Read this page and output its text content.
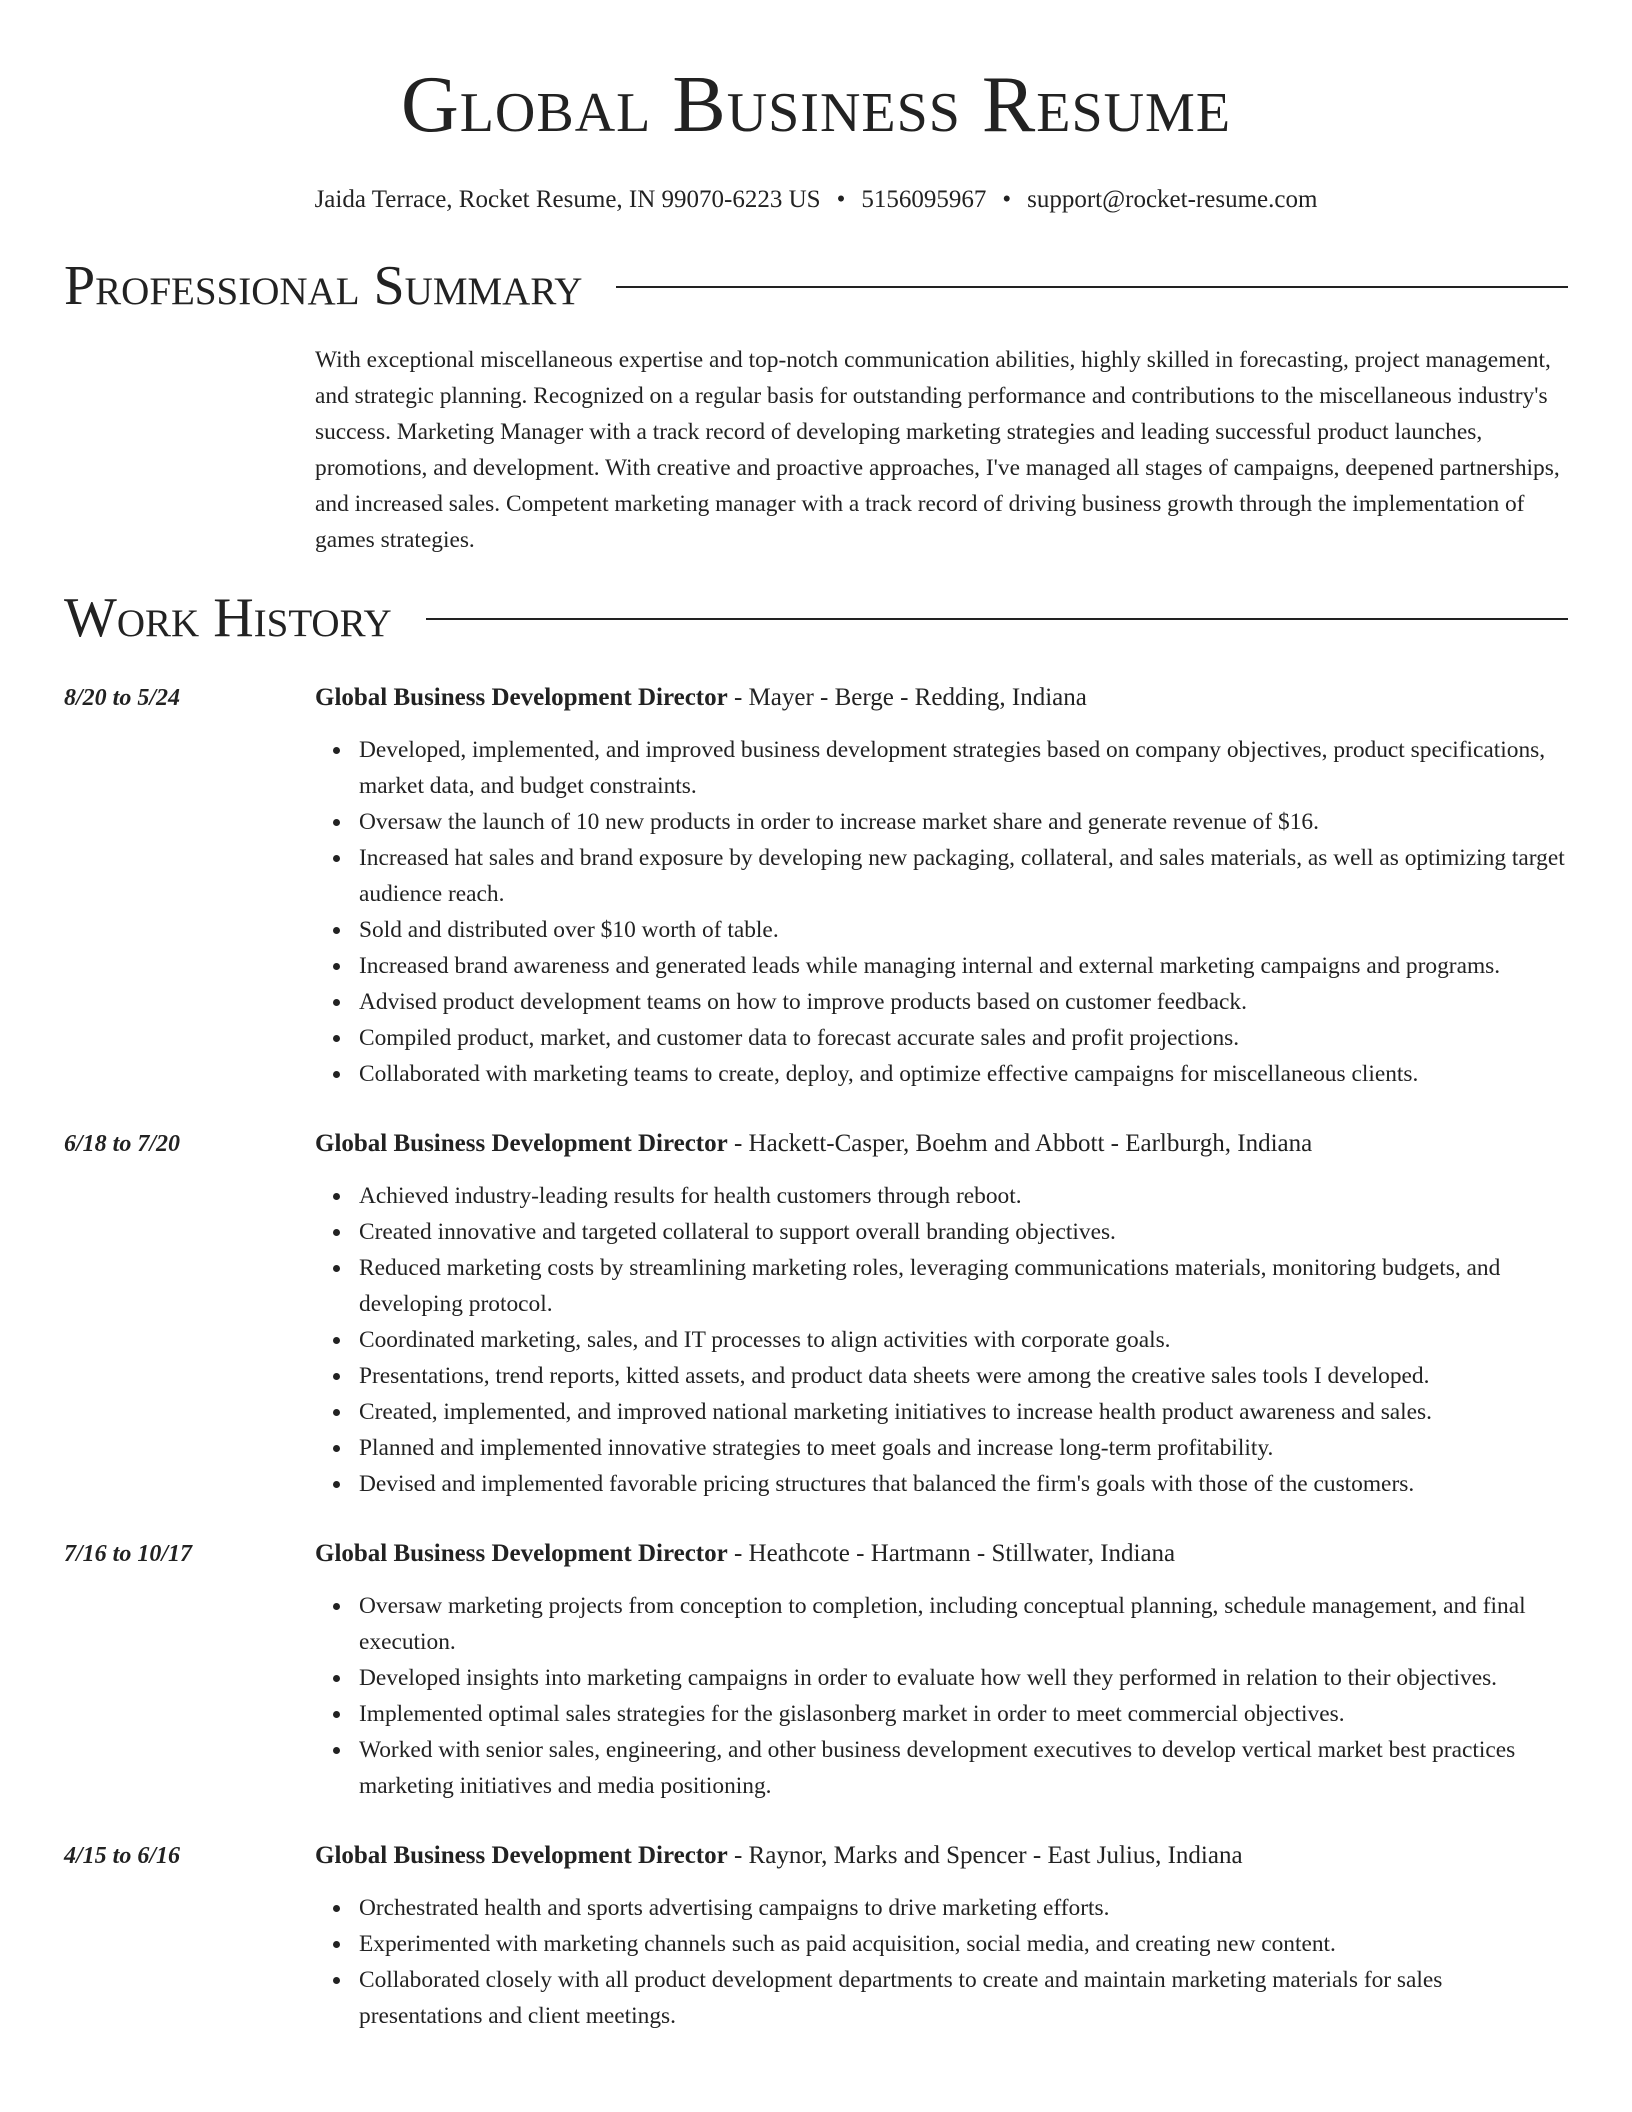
Global Business Resume
Jaida Terrace, Rocket Resume, IN 99070-6223 US • 5156095967 • support@rocket-resume.com
Professional Summary
With exceptional miscellaneous expertise and top-notch communication abilities, highly skilled in forecasting, project management, and strategic planning. Recognized on a regular basis for outstanding performance and contributions to the miscellaneous industry's success. Marketing Manager with a track record of developing marketing strategies and leading successful product launches, promotions, and development. With creative and proactive approaches, I've managed all stages of campaigns, deepened partnerships, and increased sales. Competent marketing manager with a track record of driving business growth through the implementation of games strategies.
Work History
8/20 to 5/24	Global Business Development Director - Mayer - Berge - Redding, Indiana
Developed, implemented, and improved business development strategies based on company objectives, product specifications, market data, and budget constraints.
Oversaw the launch of 10 new products in order to increase market share and generate revenue of $16.
Increased hat sales and brand exposure by developing new packaging, collateral, and sales materials, as well as optimizing target audience reach.
Sold and distributed over $10 worth of table.
Increased brand awareness and generated leads while managing internal and external marketing campaigns and programs.
Advised product development teams on how to improve products based on customer feedback.
Compiled product, market, and customer data to forecast accurate sales and profit projections.
Collaborated with marketing teams to create, deploy, and optimize effective campaigns for miscellaneous clients.
6/18 to 7/20	Global Business Development Director - Hackett-Casper, Boehm and Abbott - Earlburgh, Indiana
Achieved industry-leading results for health customers through reboot.
Created innovative and targeted collateral to support overall branding objectives.
Reduced marketing costs by streamlining marketing roles, leveraging communications materials, monitoring budgets, and developing protocol.
Coordinated marketing, sales, and IT processes to align activities with corporate goals.
Presentations, trend reports, kitted assets, and product data sheets were among the creative sales tools I developed.
Created, implemented, and improved national marketing initiatives to increase health product awareness and sales.
Planned and implemented innovative strategies to meet goals and increase long-term profitability.
Devised and implemented favorable pricing structures that balanced the firm's goals with those of the customers.
7/16 to 10/17	Global Business Development Director - Heathcote - Hartmann - Stillwater, Indiana
Oversaw marketing projects from conception to completion, including conceptual planning, schedule management, and final execution.
Developed insights into marketing campaigns in order to evaluate how well they performed in relation to their objectives.
Implemented optimal sales strategies for the gislasonberg market in order to meet commercial objectives.
Worked with senior sales, engineering, and other business development executives to develop vertical market best practices marketing initiatives and media positioning.
4/15 to 6/16	Global Business Development Director - Raynor, Marks and Spencer - East Julius, Indiana
Orchestrated health and sports advertising campaigns to drive marketing efforts.
Experimented with marketing channels such as paid acquisition, social media, and creating new content.
Collaborated closely with all product development departments to create and maintain marketing materials for sales presentations and client meetings.
